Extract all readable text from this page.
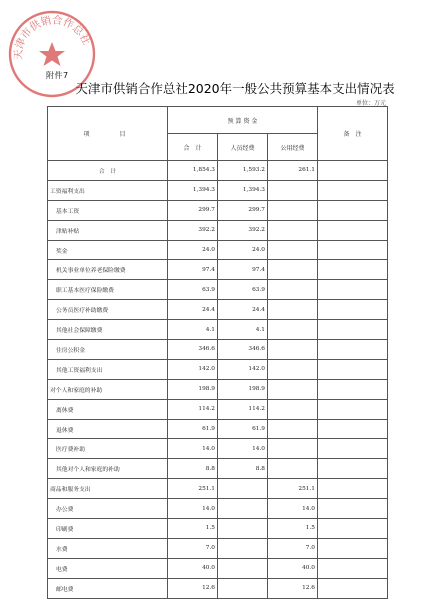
天津市供销合作总社
附件7
天津市供销合作总社2020年一般公共预算基本支出情况表
单位：万元
项　　目	预 算 资 金			备　注
	合　计	人员经费	公用经费	
合　计	1,854.3	1,593.2	261.1	
工资福利支出	1,394.3	1,394.3		
基本工资	299.7	299.7		
津贴补贴	392.2	392.2		
奖金	24.0	24.0		
机关事业单位养老保险缴费	97.4	97.4		
职工基本医疗保险缴费	63.9	63.9		
公务员医疗补助缴费	24.4	24.4		
其他社会保障缴费	4.1	4.1		
住房公积金	346.6	346.6		
其他工资福利支出	142.0	142.0		
对个人和家庭的补助	198.9	198.9		
离休费	114.2	114.2		
退休费	61.9	61.9		
医疗费补助	14.0	14.0		
其他对个人和家庭的补助	8.8	8.8		
商品和服务支出	251.1		251.1	
办公费	14.0		14.0	
印刷费	1.5		1.5	
水费	7.0		7.0	
电费	40.0		40.0	
邮电费	12.6		12.6	
